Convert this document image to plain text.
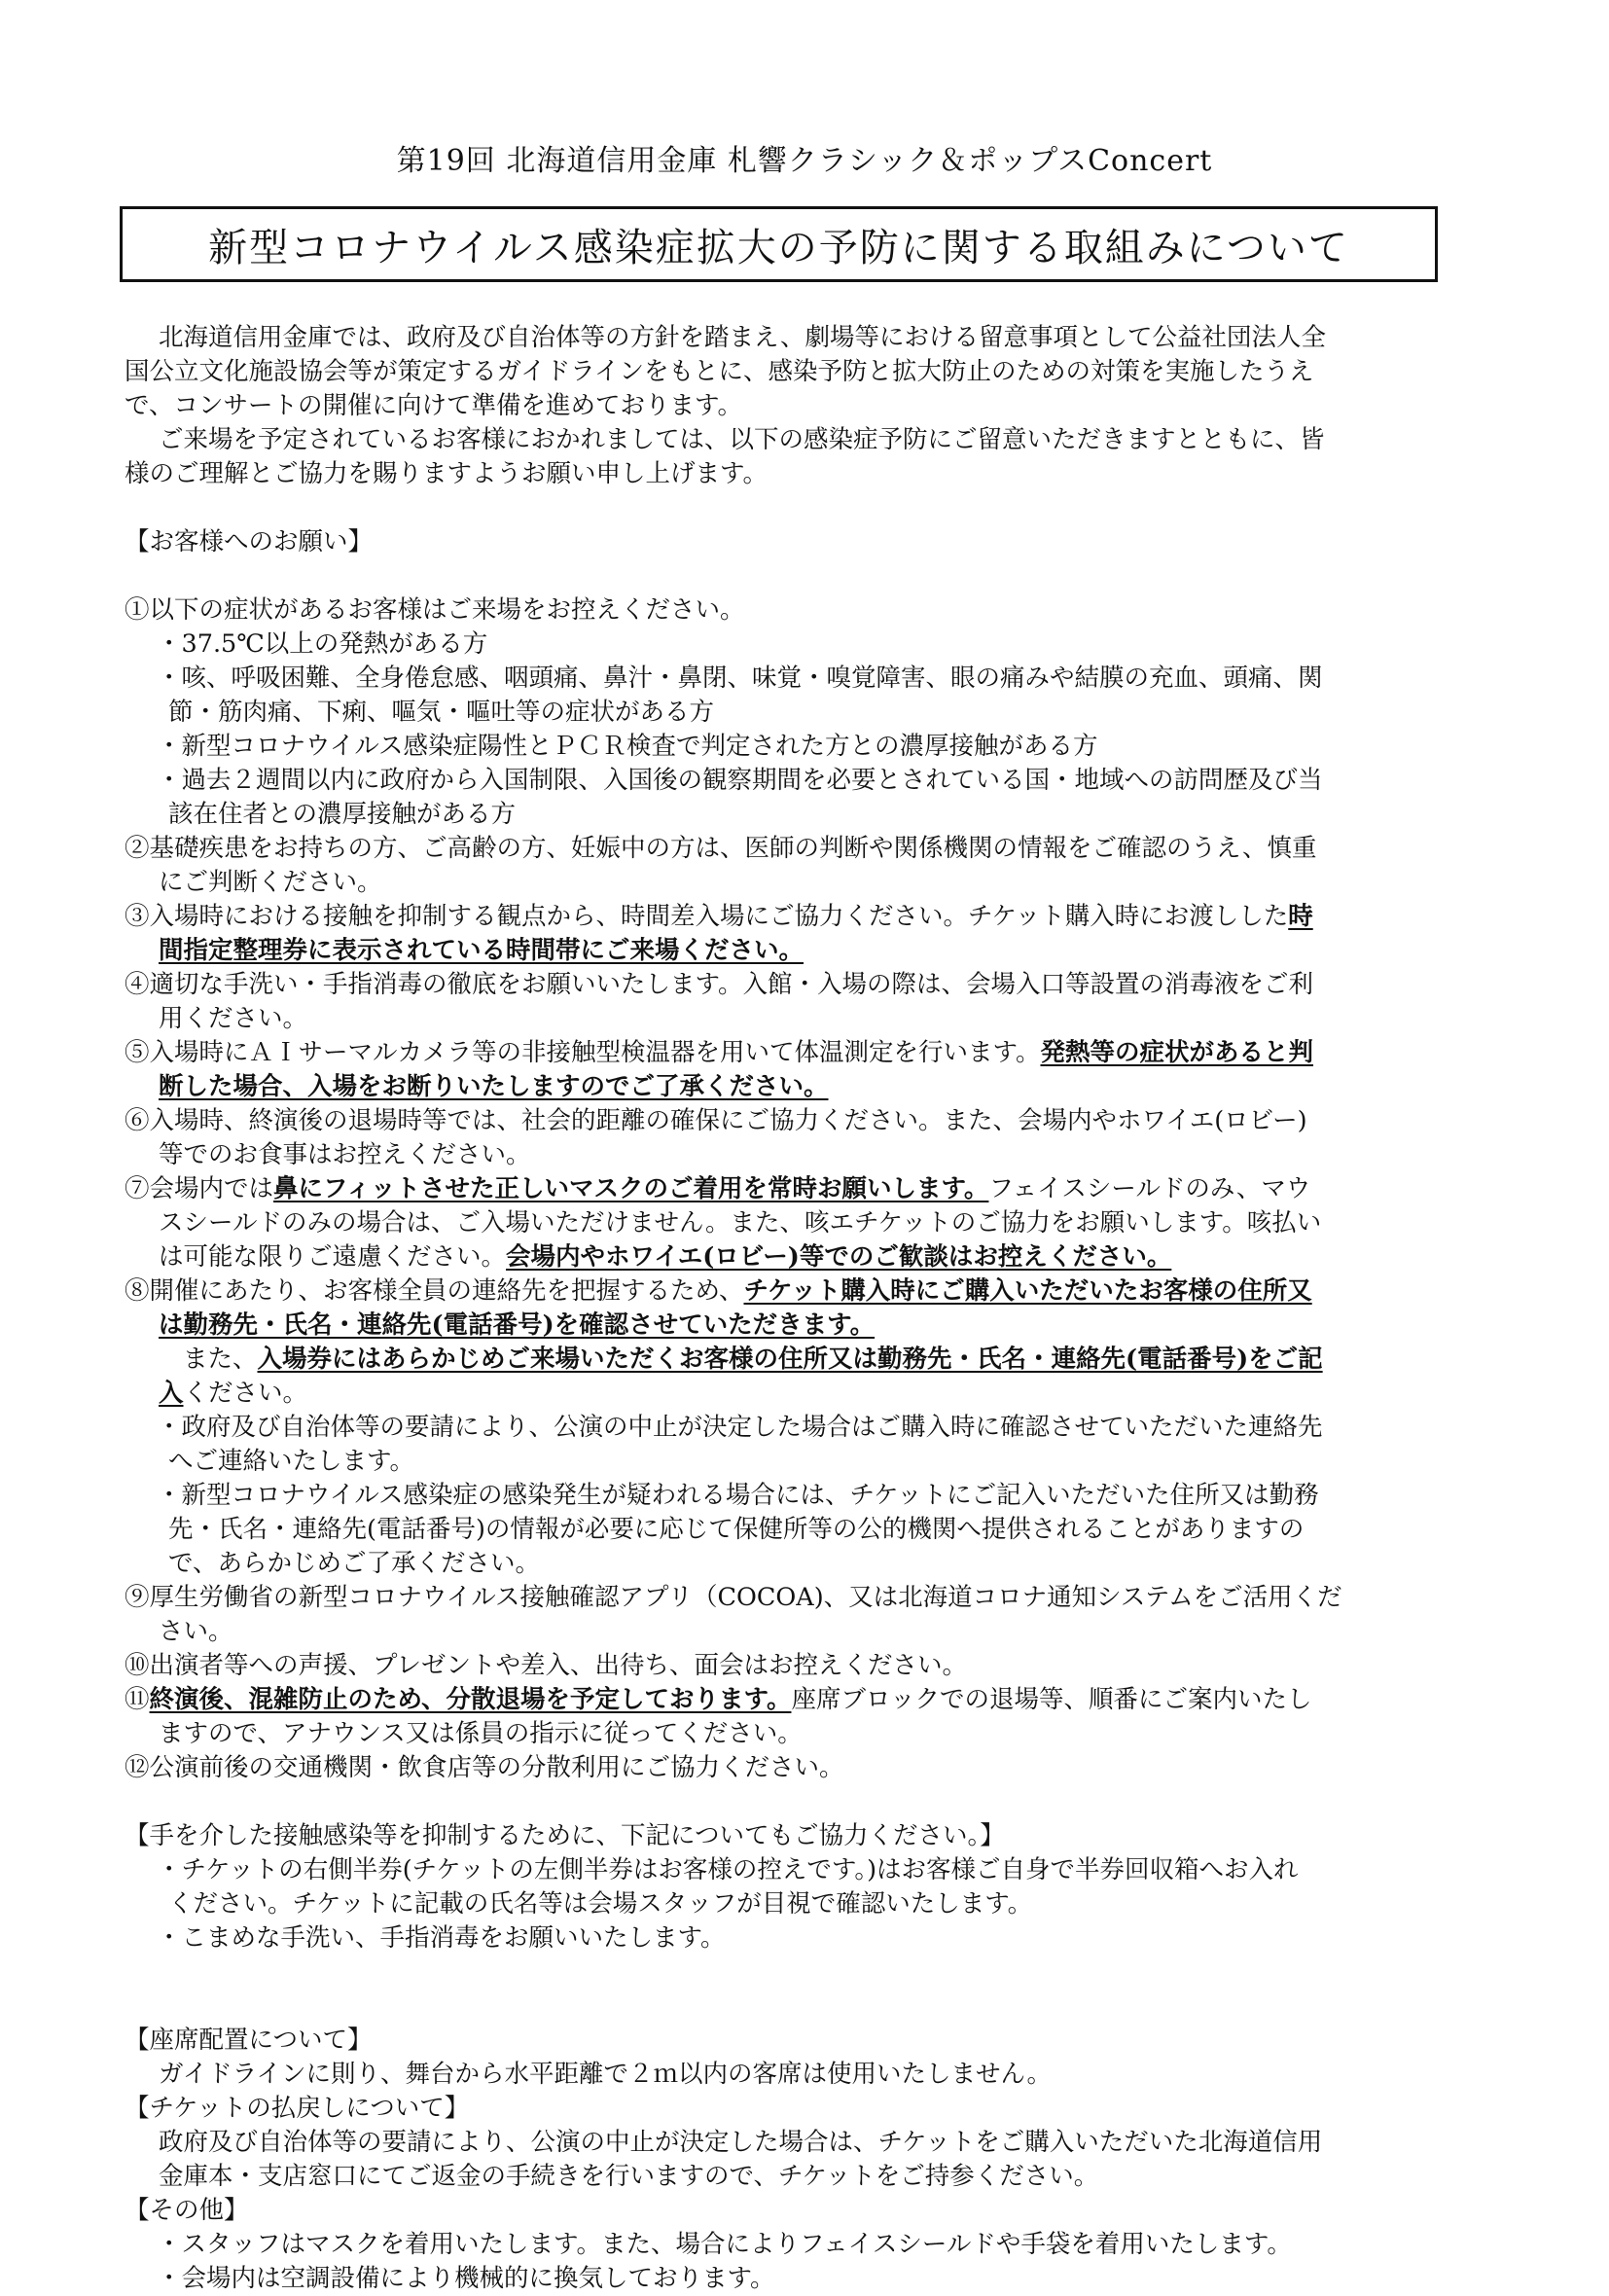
第19回 北海道信用金庫 札響クラシック＆ポップスConcert
新型コロナウイルス感染症拡大の予防に関する取組みについて
北海道信用金庫では、政府及び自治体等の方針を踏まえ、劇場等における留意事項として公益社団法人全
国公立文化施設協会等が策定するガイドラインをもとに、感染予防と拡大防止のための対策を実施したうえ
で、コンサートの開催に向けて準備を進めております。
ご来場を予定されているお客様におかれましては、以下の感染症予防にご留意いただきますとともに、皆
様のご理解とご協力を賜りますようお願い申し上げます。
【お客様へのお願い】
①以下の症状があるお客様はご来場をお控えください。
・37.5℃以上の発熱がある方
・咳、呼吸困難、全身倦怠感、咽頭痛、鼻汁・鼻閉、味覚・嗅覚障害、眼の痛みや結膜の充血、頭痛、関
節・筋肉痛、下痢、嘔気・嘔吐等の症状がある方
・新型コロナウイルス感染症陽性とＰＣＲ検査で判定された方との濃厚接触がある方
・過去２週間以内に政府から入国制限、入国後の観察期間を必要とされている国・地域への訪問歴及び当
該在住者との濃厚接触がある方
②基礎疾患をお持ちの方、ご高齢の方、妊娠中の方は、医師の判断や関係機関の情報をご確認のうえ、慎重
にご判断ください。
③入場時における接触を抑制する観点から、時間差入場にご協力ください。チケット購入時にお渡しした時
間指定整理券に表示されている時間帯にご来場ください。
④適切な手洗い・手指消毒の徹底をお願いいたします。入館・入場の際は、会場入口等設置の消毒液をご利
用ください。
⑤入場時にＡＩサーマルカメラ等の非接触型検温器を用いて体温測定を行います。発熱等の症状があると判
断した場合、入場をお断りいたしますのでご了承ください。
⑥入場時、終演後の退場時等では、社会的距離の確保にご協力ください。また、会場内やホワイエ(ロビー)
等でのお食事はお控えください。
⑦会場内では鼻にフィットさせた正しいマスクのご着用を常時お願いします。フェイスシールドのみ、マウ
スシールドのみの場合は、ご入場いただけません。また、咳エチケットのご協力をお願いします。咳払い
は可能な限りご遠慮ください。会場内やホワイエ(ロビー)等でのご歓談はお控えください。
⑧開催にあたり、お客様全員の連絡先を把握するため、チケット購入時にご購入いただいたお客様の住所又
は勤務先・氏名・連絡先(電話番号)を確認させていただきます。
また、入場券にはあらかじめご来場いただくお客様の住所又は勤務先・氏名・連絡先(電話番号)をご記
入ください。
・政府及び自治体等の要請により、公演の中止が決定した場合はご購入時に確認させていただいた連絡先
へご連絡いたします。
・新型コロナウイルス感染症の感染発生が疑われる場合には、チケットにご記入いただいた住所又は勤務
先・氏名・連絡先(電話番号)の情報が必要に応じて保健所等の公的機関へ提供されることがありますの
で、あらかじめご了承ください。
⑨厚生労働省の新型コロナウイルス接触確認アプリ（COCOA)、又は北海道コロナ通知システムをご活用くだ
さい。
⑩出演者等への声援、プレゼントや差入、出待ち、面会はお控えください。
⑪終演後、混雑防止のため、分散退場を予定しております。座席ブロックでの退場等、順番にご案内いたし
ますので、アナウンス又は係員の指示に従ってください。
⑫公演前後の交通機関・飲食店等の分散利用にご協力ください。
【手を介した接触感染等を抑制するために、下記についてもご協力ください。】
・チケットの右側半券(チケットの左側半券はお客様の控えです。)はお客様ご自身で半券回収箱へお入れ
ください。チケットに記載の氏名等は会場スタッフが目視で確認いたします。
・こまめな手洗い、手指消毒をお願いいたします。
【座席配置について】
ガイドラインに則り、舞台から水平距離で２ｍ以内の客席は使用いたしません。
【チケットの払戻しについて】
政府及び自治体等の要請により、公演の中止が決定した場合は、チケットをご購入いただいた北海道信用
金庫本・支店窓口にてご返金の手続きを行いますので、チケットをご持参ください。
【その他】
・スタッフはマスクを着用いたします。また、場合によりフェイスシールドや手袋を着用いたします。
・会場内は空調設備により機械的に換気しております。
